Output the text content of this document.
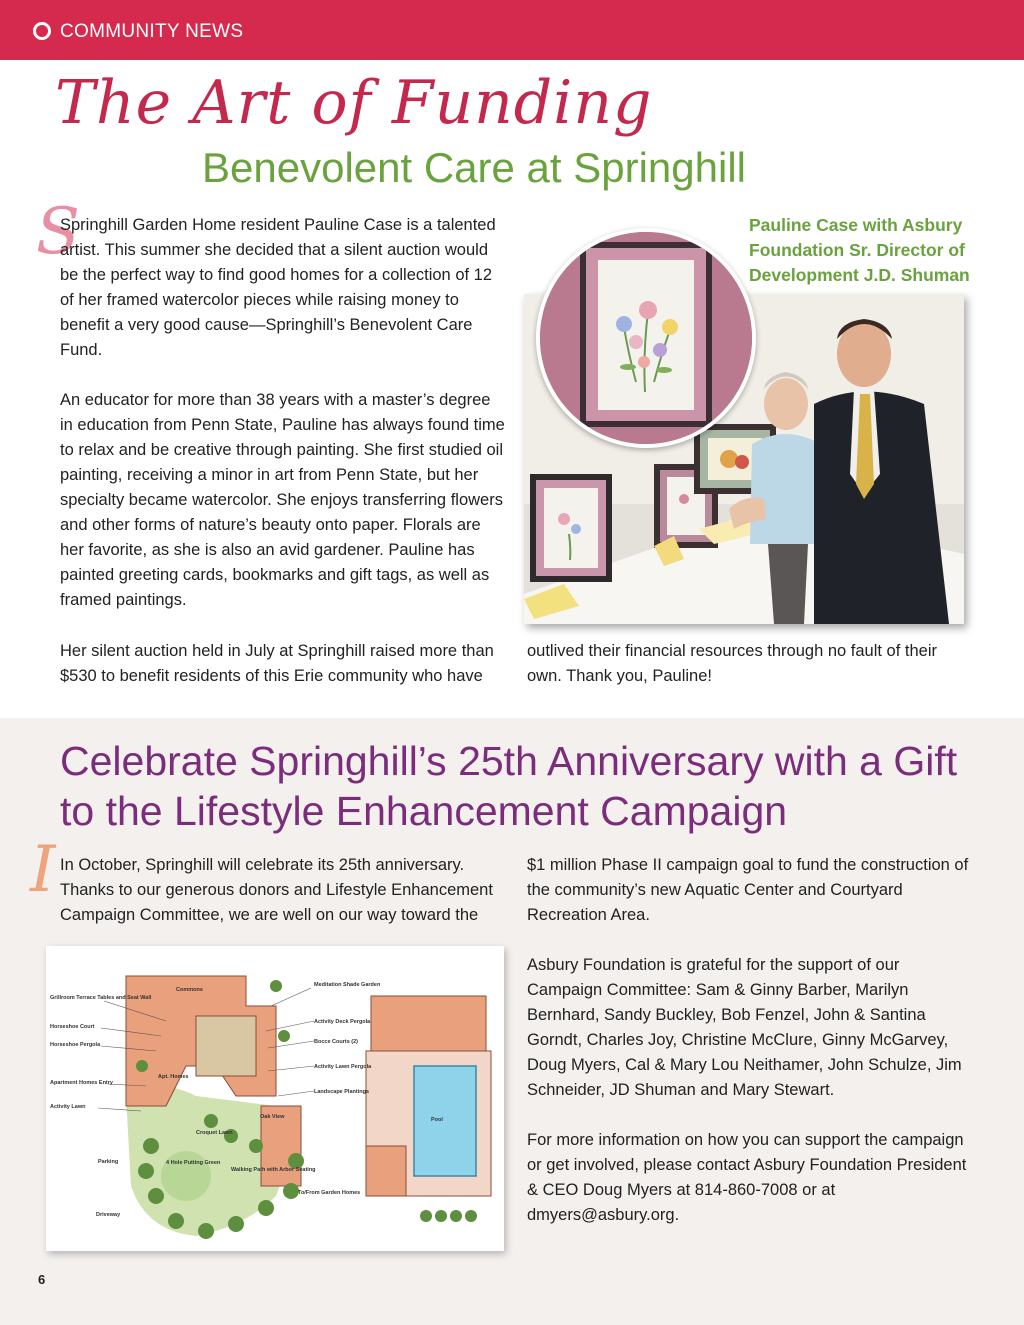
COMMUNITY NEWS
The Art of Funding
Benevolent Care at Springhill
S

Springhill Garden Home resident Pauline Case is a talented artist. This summer she decided that a silent auction would be the perfect way to find good homes for a collection of 12 of her framed watercolor pieces while raising money to benefit a very good cause—Springhill’s Benevolent Care Fund.

An educator for more than 38 years with a master’s degree in education from Penn State, Pauline has always found time to relax and be creative through painting. She first studied oil painting, receiving a minor in art from Penn State, but her specialty became watercolor. She enjoys transferring flowers and other forms of nature’s beauty onto paper. Florals are her favorite, as she is also an avid gardener. Pauline has painted greeting cards, bookmarks and gift tags, as well as framed paintings.

Pauline Case with Asbury Foundation Sr. Director of Development J.D. Shuman

Her silent auction held in July at Springhill raised more than $530 to benefit residents of this Erie community who have

outlived their financial resources through no fault of their own. Thank you, Pauline!

Celebrate Springhill’s 25th Anniversary with a Gift to the Lifestyle Enhancement Campaign
I In October, Springhill will celebrate its 25th anniversary. Thanks to our generous donors and Lifestyle Enhancement Campaign Committee, we are well on our way toward the

$1 million Phase II campaign goal to fund the construction of the community’s new Aquatic Center and Courtyard Recreation Area.

Asbury Foundation is grateful for the support of our Campaign Committee: Sam & Ginny Barber, Marilyn Bernhard, Sandy Buckley, Bob Fenzel, John & Santina Gorndt, Charles Joy, Christine McClure, Ginny McGarvey, Doug Myers, Cal & Mary Lou Neithamer, John Schulze, Jim Schneider, JD Shuman and Mary Stewart.

For more information on how you can support the campaign or get involved, please contact Asbury Foundation President & CEO Doug Myers at 814-860-7008 or at dmyers@asbury.org.

Commons
Apt. Homes
Oak View
Croquet Lawn
Parking
Driveway
To/From Garden Homes
Meditation Shade Garden
Activity Deck Pergola
Bocce Courts (2)
Activity Lawn Pergola
Landscape Plantings
Grillroom Terrace Tables and Seat Wall
Horseshoe Court
Horseshoe Pergola
Apartment Homes Entry
Activity Lawn
4 Hole Putting Green
Walking Path with Arbor Seating
Pool
6
